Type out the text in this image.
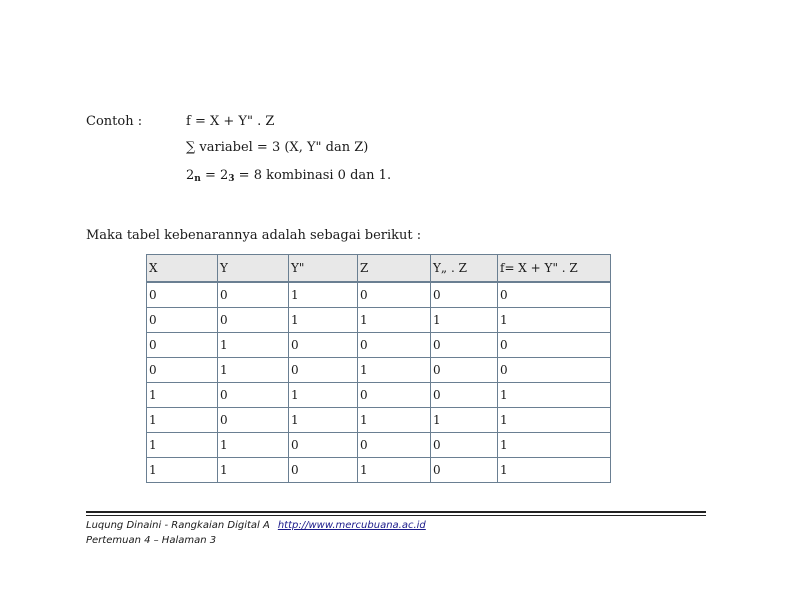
Contoh :	f = X + Y" . Z
∑ variabel = 3 (X, Y" dan Z)
2n = 23 = 8 kombinasi 0 dan 1.
Maka tabel kebenarannya adalah sebagai berikut :
X	Y	Y"	Z	Y„ . Z	f= X + Y" . Z
0	0	1	0	0	0
0	0	1	1	1	1
0	1	0	0	0	0
0	1	0	1	0	0
1	0	1	0	0	1
1	0	1	1	1	1
1	1	0	0	0	1
1	1	0	1	0	1
Luqung Dinaini - Rangkaian Digital A http://www.mercubuana.ac.id
Pertemuan 4 – Halaman 3
